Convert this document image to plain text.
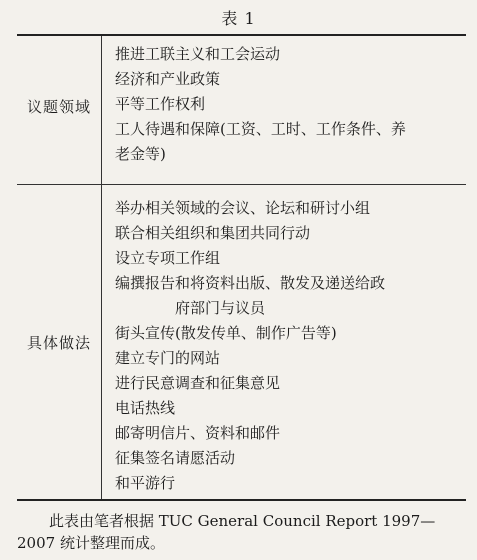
表 1
议题领域
推进工联主义和工会运动
经济和产业政策
平等工作权利
工人待遇和保障(工资、工时、工作条件、养
老金等)
具体做法
举办相关领域的会议、论坛和研讨小组
联合相关组织和集团共同行动
设立专项工作组
编撰报告和将资料出版、散发及递送给政
府部门与议员
街头宣传(散发传单、制作广告等)
建立专门的网站
进行民意调查和征集意见
电话热线
邮寄明信片、资料和邮件
征集签名请愿活动
和平游行
此表由笔者根据 TUC General Council Report 1997—
2007 统计整理而成。
